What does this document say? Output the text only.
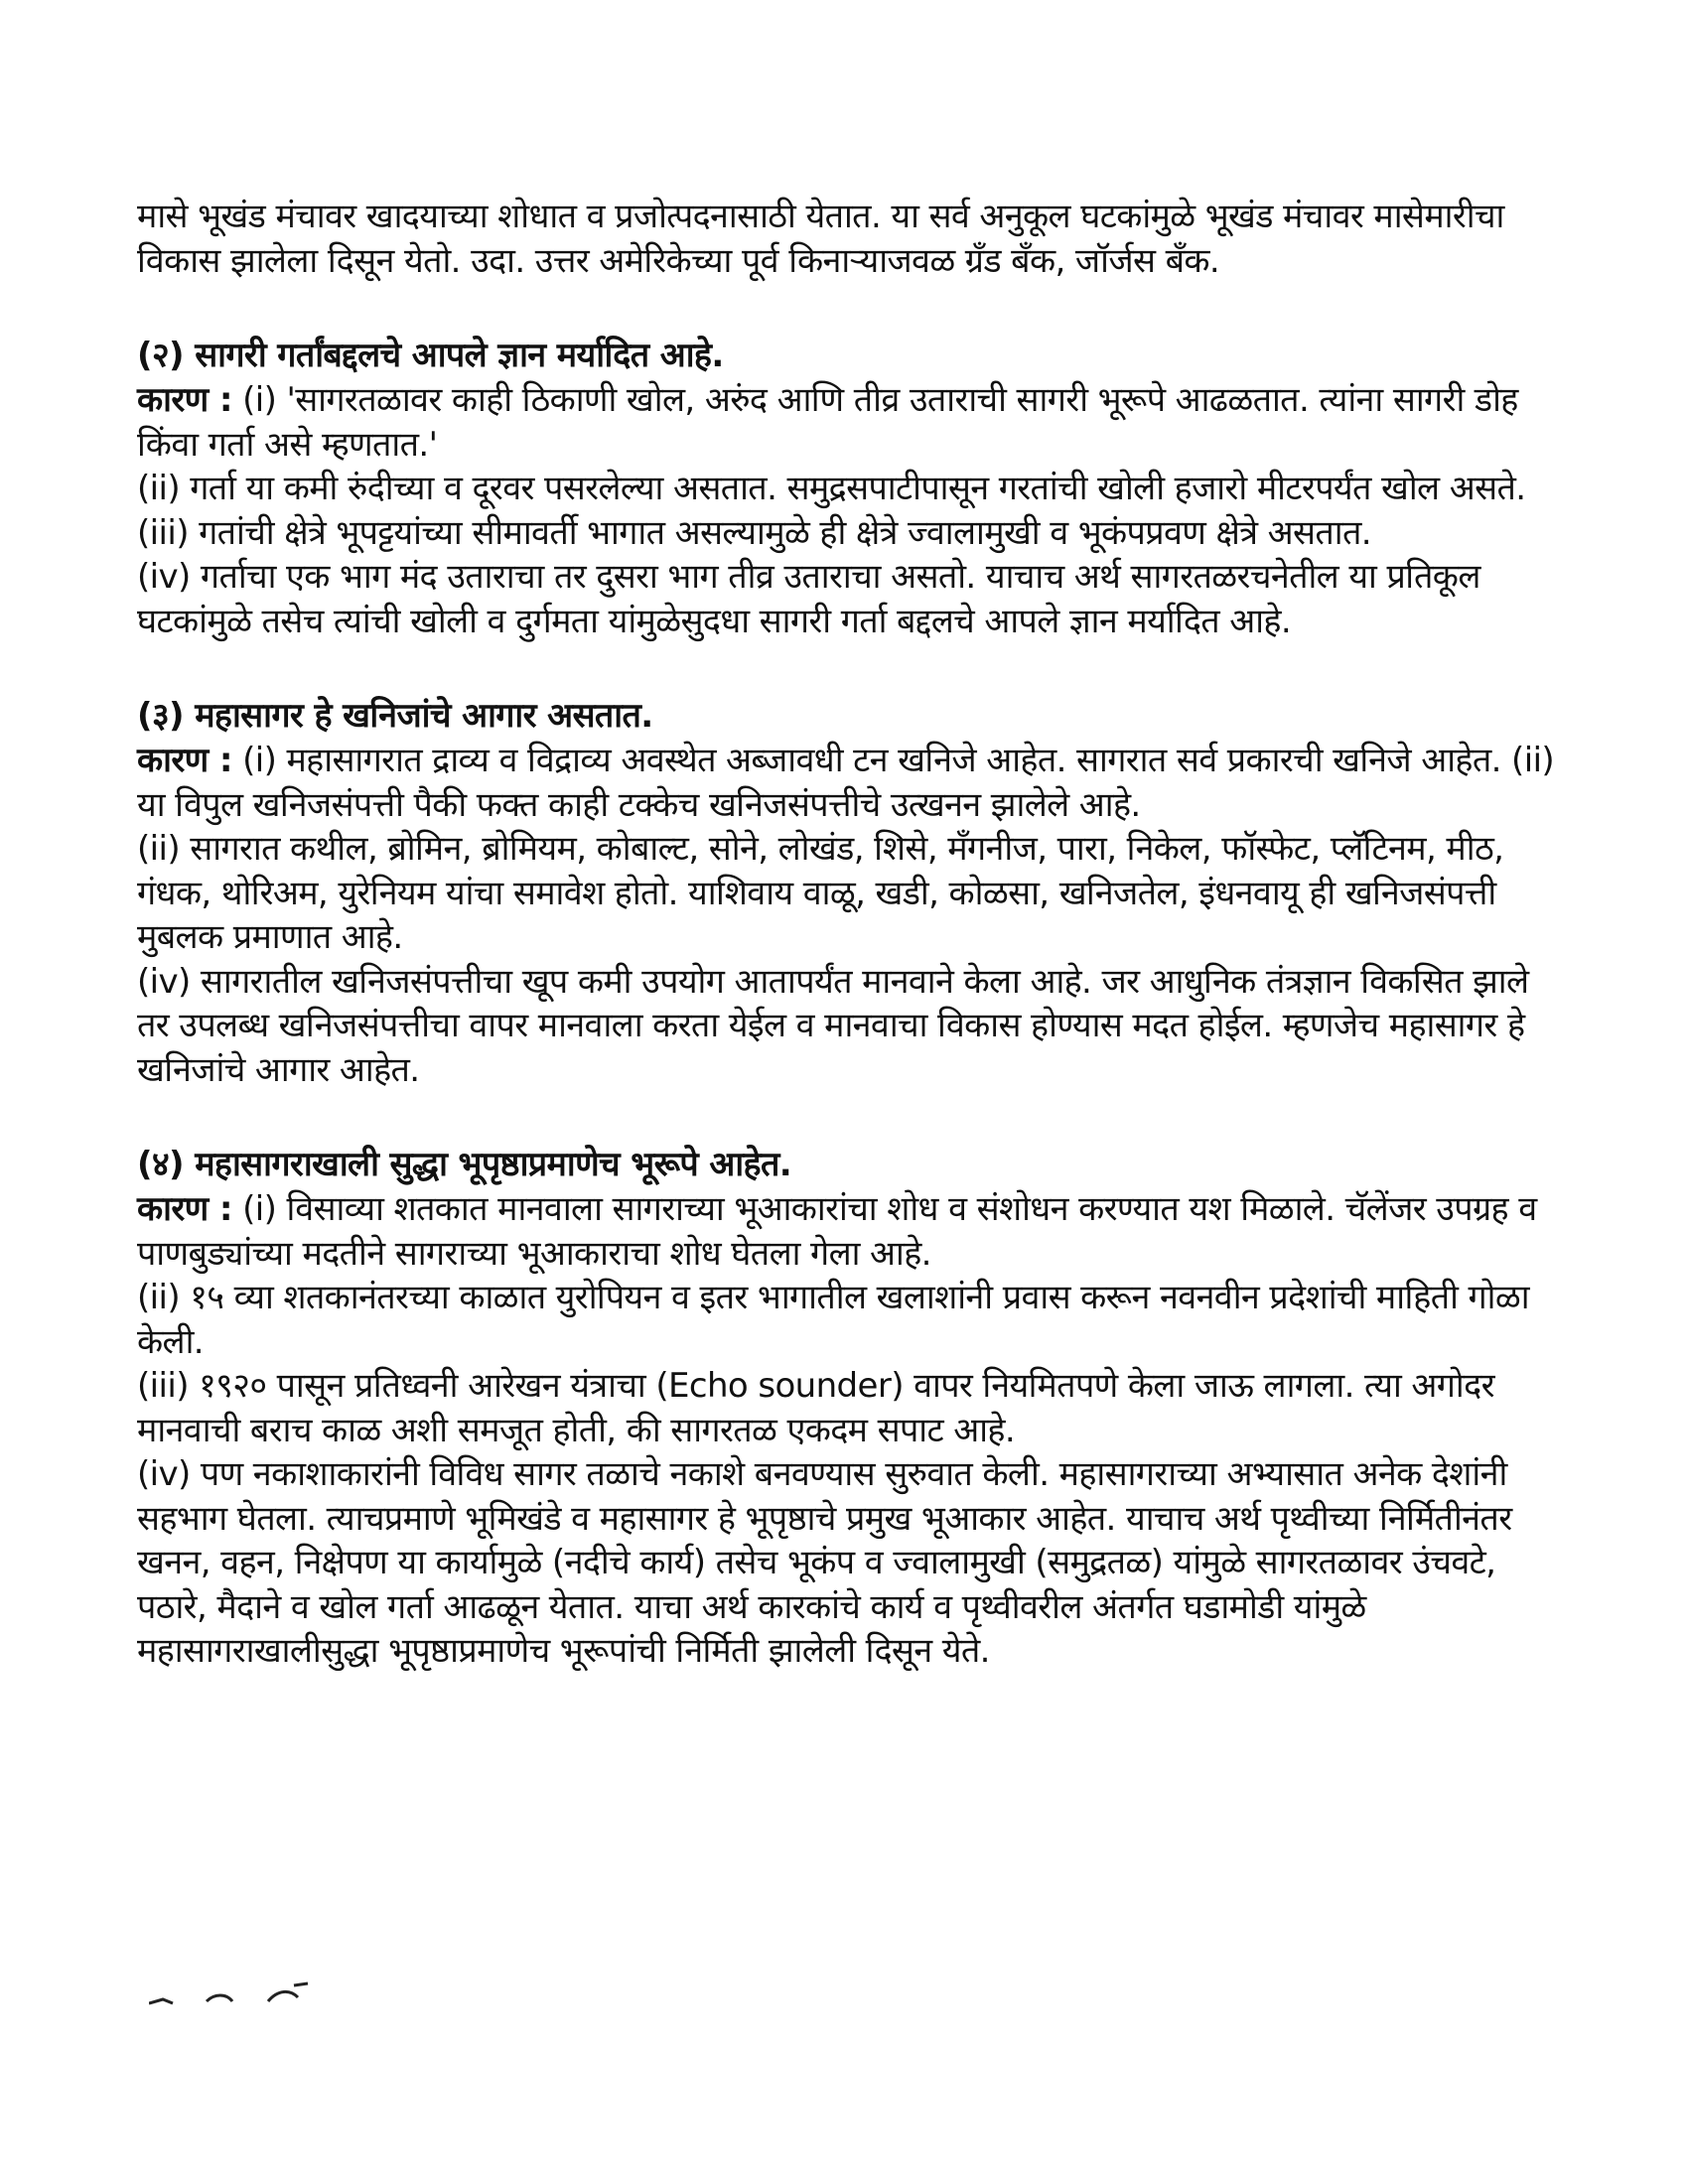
मासे भूखंड मंचावर खादयाच्या शोधात व प्रजोत्पदनासाठी येतात. या सर्व अनुकूल घटकांमुळे भूखंड मंचावर मासेमारीचा विकास झालेला दिसून येतो. उदा. उत्तर अमेरिकेच्या पूर्व किनाऱ्याजवळ ग्रँड बँक, जॉर्जस बँक.

(२) सागरी गर्तांबद्दलचे आपले ज्ञान मर्यादित आहे.

कारण : (i) 'सागरतळावर काही ठिकाणी खोल, अरुंद आणि तीव्र उताराची सागरी भूरूपे आढळतात. त्यांना सागरी डोह किंवा गर्ता असे म्हणतात.'

(ii) गर्ता या कमी रुंदीच्या व दूरवर पसरलेल्या असतात. समुद्रसपाटीपासून गरतांची खोली हजारो मीटरपर्यंत खोल असते.

(iii) गतांची क्षेत्रे भूपट्टयांच्या सीमावर्ती भागात असल्यामुळे ही क्षेत्रे ज्वालामुखी व भूकंपप्रवण क्षेत्रे असतात.

(iv) गर्ताचा एक भाग मंद उताराचा तर दुसरा भाग तीव्र उताराचा असतो. याचाच अर्थ सागरतळरचनेतील या प्रतिकूल घटकांमुळे तसेच त्यांची खोली व दुर्गमता यांमुळेसुदधा सागरी गर्ता बद्दलचे आपले ज्ञान मर्यादित आहे.

(३) महासागर हे खनिजांचे आगार असतात.

कारण : (i) महासागरात द्राव्य व विद्राव्य अवस्थेत अब्जावधी टन खनिजे आहेत. सागरात सर्व प्रकारची खनिजे आहेत. (ii) या विपुल खनिजसंपत्ती पैकी फक्त काही टक्केच खनिजसंपत्तीचे उत्खनन झालेले आहे.

(ii) सागरात कथील, ब्रोमिन, ब्रोमियम, कोबाल्ट, सोने, लोखंड, शिसे, मँगनीज, पारा, निकेल, फॉस्फेट, प्लॅटिनम, मीठ, गंधक, थोरिअम, युरेनियम यांचा समावेश होतो. याशिवाय वाळू, खडी, कोळसा, खनिजतेल, इंधनवायू ही खनिजसंपत्ती मुबलक प्रमाणात आहे.

(iv) सागरातील खनिजसंपत्तीचा खूप कमी उपयोग आतापर्यंत मानवाने केला आहे. जर आधुनिक तंत्रज्ञान विकसित झाले तर उपलब्ध खनिजसंपत्तीचा वापर मानवाला करता येईल व मानवाचा विकास होण्यास मदत होईल. म्हणजेच महासागर हे खनिजांचे आगार आहेत.

(४) महासागराखाली सुद्धा भूपृष्ठाप्रमाणेच भूरूपे आहेत.

कारण : (i) विसाव्या शतकात मानवाला सागराच्या भूआकारांचा शोध व संशोधन करण्यात यश मिळाले. चॅलेंजर उपग्रह व पाणबुड्यांच्या मदतीने सागराच्या भूआकाराचा शोध घेतला गेला आहे.

(ii) १५ व्या शतकानंतरच्या काळात युरोपियन व इतर भागातील खलाशांनी प्रवास करून नवनवीन प्रदेशांची माहिती गोळा केली.

(iii) १९२० पासून प्रतिध्वनी आरेखन यंत्राचा (Echo sounder) वापर नियमितपणे केला जाऊ लागला. त्या अगोदर मानवाची बराच काळ अशी समजूत होती, की सागरतळ एकदम सपाट आहे.

(iv) पण नकाशाकारांनी विविध सागर तळाचे नकाशे बनवण्यास सुरुवात केली. महासागराच्या अभ्यासात अनेक देशांनी सहभाग घेतला. त्याचप्रमाणे भूमिखंडे व महासागर हे भूपृष्ठाचे प्रमुख भूआकार आहेत. याचाच अर्थ पृथ्वीच्या निर्मितीनंतर खनन, वहन, निक्षेपण या कार्यामुळे (नदीचे कार्य) तसेच भूकंप व ज्वालामुखी (समुद्रतळ) यांमुळे सागरतळावर उंचवटे, पठारे, मैदाने व खोल गर्ता आढळून येतात. याचा अर्थ कारकांचे कार्य व पृथ्वीवरील अंतर्गत घडामोडी यांमुळे महासागराखालीसुद्धा भूपृष्ठाप्रमाणेच भूरूपांची निर्मिती झालेली दिसून येते.
